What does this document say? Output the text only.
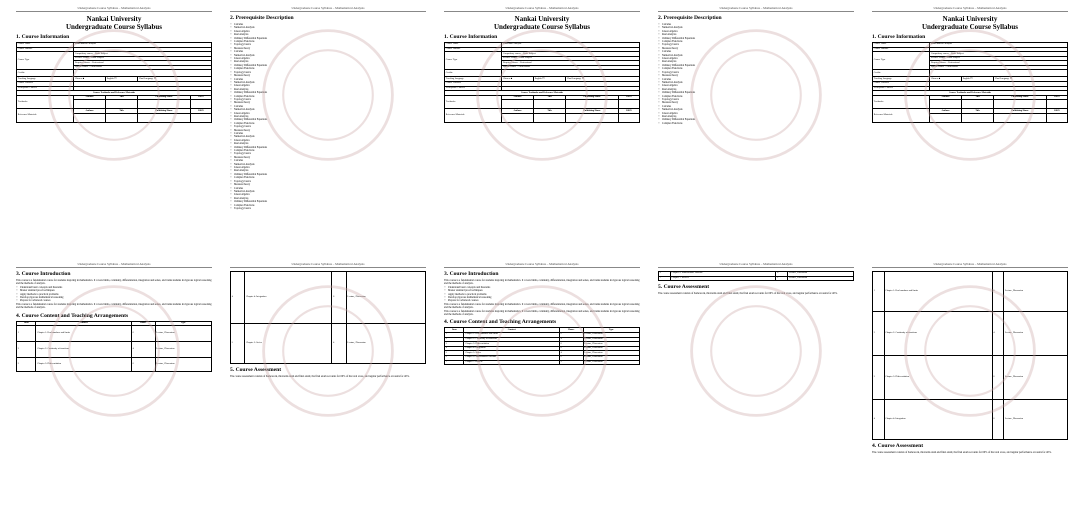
Undergraduate Course Syllabus – Mathematical Analysis
Nankai University
Undergraduate Course Syllabus
1. Course Information
Course Name	Mathematical Analysis			
Course Number				
Course Type	Compulsory course – Basic Subject			
	Elective course – Basic Subject			
	Required course – Professional			
	Special course – Professional			
Credits				
Teaching Language	Chinese ■	English ☐	Dual Language ☐	
Course Teachers				
Prerequisite Courses				
Course Textbooks and Reference Materials				
Textbooks	Authors	Title	Publishing House	ISBN

Reference Materials	Authors	Title	Publishing House	ISBN

Undergraduate Course Syllabus – Mathematical Analysis
2. Prerequisite Description
• Calculus
• Numerical Analysis
• Linear Algebra
• Real Analysis
• Ordinary Differential Equations
• Complex Functions
• Topology basics
• Measure theory
• Calculus
• Numerical Analysis
• Linear Algebra
• Real Analysis
• Ordinary Differential Equations
• Complex Functions
• Topology basics
• Measure theory
• Calculus
• Numerical Analysis
• Linear Algebra
• Real Analysis
• Ordinary Differential Equations
• Complex Functions
• Topology basics
• Measure theory
• Calculus
• Numerical Analysis
• Linear Algebra
• Real Analysis
• Ordinary Differential Equations
• Complex Functions
• Topology basics
• Measure theory
• Calculus
• Numerical Analysis
• Linear Algebra
• Real Analysis
• Ordinary Differential Equations
• Complex Functions
• Topology basics
• Measure theory
• Calculus
• Numerical Analysis
• Linear Algebra
• Real Analysis
• Ordinary Differential Equations
• Complex Functions
• Topology basics
• Measure theory
• Calculus
• Numerical Analysis
• Linear Algebra
• Real Analysis
• Ordinary Differential Equations
• Complex Functions
• Topology basics
Undergraduate Course Syllabus – Mathematical Analysis
Nankai University
Undergraduate Course Syllabus
1. Course Information
Course Name	Functional Analysis			
Course Number				
Course Type	Compulsory course – Basic Subject			
	Elective course – Basic Subject			
	Required course – Professional			
	Special course – Professional			
Credits				
Teaching Language	Chinese ■	English ☐	Dual Language ☐	
Course Teachers				
Prerequisite Courses				
Course Textbooks and Reference Materials				
Textbooks	Authors	Title	Publishing House	ISBN

Reference Materials	Authors	Title	Publishing House	ISBN

Undergraduate Course Syllabus – Mathematical Analysis
2. Prerequisite Description
• Calculus
• Numerical Analysis
• Linear Algebra
• Real Analysis
• Ordinary Differential Equations
• Complex Functions
• Topology basics
• Measure theory
• Calculus
• Numerical Analysis
• Linear Algebra
• Real Analysis
• Ordinary Differential Equations
• Complex Functions
• Topology basics
• Measure theory
• Calculus
• Numerical Analysis
• Linear Algebra
• Real Analysis
• Ordinary Differential Equations
• Complex Functions
• Topology basics
• Measure theory
• Calculus
• Numerical Analysis
• Linear Algebra
• Real Analysis
• Ordinary Differential Equations
• Complex Functions
Undergraduate Course Syllabus – Mathematical Analysis
Nankai University
Undergraduate Course Syllabus
1. Course Information
Course Name	Mathematical Analysis			
Course Number				
Course Type	Compulsory course – Basic Subject			
	Elective course – Basic Subject			
	Required course – Professional			
	Special course – Professional			
Credits				
Teaching Language	Chinese ■	English ☐	Dual Language ☐	
Course Teachers				
Prerequisite Courses				
Course Textbooks and Reference Materials				
Textbooks	Authors	Title	Publishing House	ISBN

Reference Materials	Authors	Title	Publishing House	ISBN

Undergraduate Course Syllabus – Mathematical Analysis
3. Course Introduction
This course is a fundamental course for students majoring in mathematics. It covers limits, continuity, differentiation, integration and series, and trains students in rigorous logical reasoning and the methods of analysis.
• Understand basic concepts and theorems
• Master standard proof techniques
• Apply methods to practical problems
• Develop rigorous mathematical reasoning
• Prepare for advanced courses
This course is a fundamental course for students majoring in mathematics. It covers limits, continuity, differentiation, integration and series, and trains students in rigorous logical reasoning and the methods of analysis.
4. Course Content and Teaching Arrangements
Item	Content	Hours	Type
1	Chapter 1: Real numbers and limits	6	Lecture, Discussion
2	Chapter 2: Continuity of functions	4	Lecture, Discussion
3	Chapter 3: Differentiation	6	Lecture, Discussion
Undergraduate Course Syllabus – Mathematical Analysis
4	Chapter 4: Integration	6	Lecture, Discussion
5	Chapter 5: Series	4	Lecture, Discussion
5. Course Assessment
The course assessment consists of homework, mid-term exam and final exam; the final exam accounts for 60% of the total score, and regular performance accounts for 40%.
Undergraduate Course Syllabus – Mathematical Analysis
3. Course Introduction
This course is a fundamental course for students majoring in mathematics. It covers limits, continuity, differentiation, integration and series, and trains students in rigorous logical reasoning and the methods of analysis.
• Understand basic concepts and theorems
• Master standard proof techniques
• Apply methods to practical problems
• Develop rigorous mathematical reasoning
• Prepare for advanced courses
This course is a fundamental course for students majoring in mathematics. It covers limits, continuity, differentiation, integration and series, and trains students in rigorous logical reasoning and the methods of analysis.
This course is a fundamental course for students majoring in mathematics. It covers limits, continuity, differentiation, integration and series, and trains students in rigorous logical reasoning and the methods of analysis.
4. Course Content and Teaching Arrangements
Item	Content	Hours	Type
1	Chapter 1: Real numbers and limits	6	Lecture, Discussion
2	Chapter 2: Continuity of functions	4	Lecture, Discussion
3	Chapter 3: Differentiation	6	Lecture, Discussion
4	Chapter 4: Integration	6	Lecture, Discussion
5	Chapter 5: Series	4	Lecture, Discussion
6	Chapter 6: Multivariable calculus	6	Lecture, Discussion
7	Chapter 7: Review	2	Lecture, Discussion
Undergraduate Course Syllabus – Mathematical Analysis
6	Chapter 6: Multivariable calculus	6	Lecture, Discussion
7	Chapter 7: Review	2	Lecture, Discussion
5. Course Assessment
The course assessment consists of homework, mid-term exam and final exam; the final exam accounts for 60% of the total score, and regular performance accounts for 40%.
Undergraduate Course Syllabus – Mathematical Analysis
1	Chapter 1: Real numbers and limits	6	Lecture, Discussion
2	Chapter 2: Continuity of functions	4	Lecture, Discussion
3	Chapter 3: Differentiation	6	Lecture, Discussion
4	Chapter 4: Integration	6	Lecture, Discussion
4. Course Assessment
The course assessment consists of homework, mid-term exam and final exam; the final exam accounts for 60% of the total score, and regular performance accounts for 40%.
